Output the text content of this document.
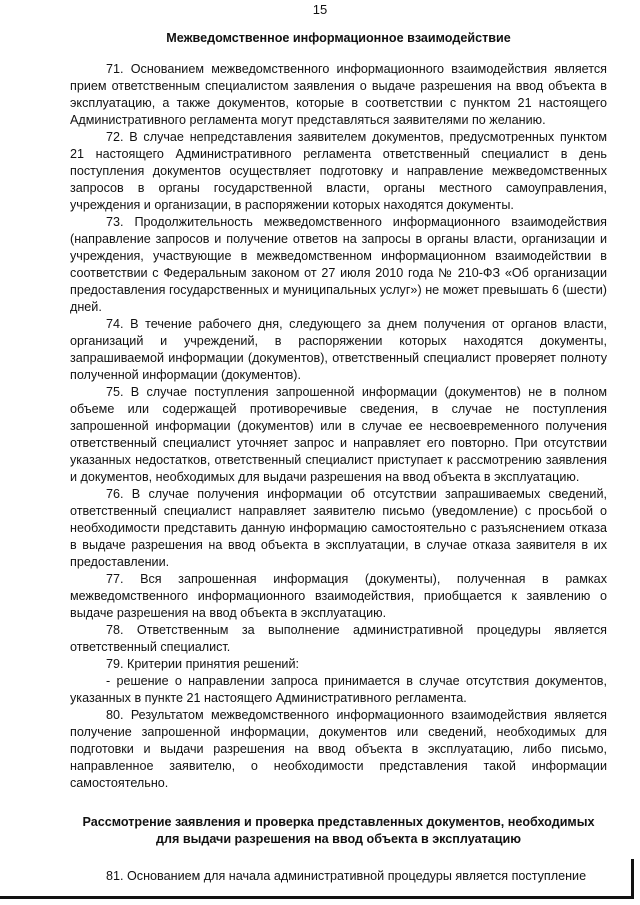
15
Межведомственное информационное взаимодействие

71. Основанием межведомственного информационного взаимодействия является прием ответственным специалистом заявления о выдаче разрешения на ввод объекта в эксплуатацию, а также документов, которые в соответствии с пунктом 21 настоящего Административного регламента могут представляться заявителями по желанию.

72. В случае непредставления заявителем документов, предусмотренных пунктом 21 настоящего Административного регламента ответственный специалист в день поступления документов осуществляет подготовку и направление межведомственных запросов в органы государственной власти, органы местного самоуправления, учреждения и организации, в распоряжении которых находятся документы.

73. Продолжительность межведомственного информационного взаимодействия (направление запросов и получение ответов на запросы в органы власти, организации и учреждения, участвующие в межведомственном информационном взаимодействии в соответствии с Федеральным законом от 27 июля 2010 года № 210-ФЗ «Об организации предоставления государственных и муниципальных услуг») не может превышать 6 (шести) дней.

74. В течение рабочего дня, следующего за днем получения от органов власти, организаций и учреждений, в распоряжении которых находятся документы, запрашиваемой информации (документов), ответственный специалист проверяет полноту полученной информации (документов).

75. В случае поступления запрошенной информации (документов) не в полном объеме или содержащей противоречивые сведения, в случае не поступления запрошенной информации (документов) или в случае ее несвоевременного получения ответственный специалист уточняет запрос и направляет его повторно. При отсутствии указанных недостатков, ответственный специалист приступает к рассмотрению заявления и документов, необходимых для выдачи разрешения на ввод объекта в эксплуатацию.

76. В случае получения информации об отсутствии запрашиваемых сведений, ответственный специалист направляет заявителю письмо (уведомление) с просьбой о необходимости представить данную информацию самостоятельно с разъяснением отказа в выдаче разрешения на ввод объекта в эксплуатации, в случае отказа заявителя в их предоставлении.

77. Вся запрошенная информация (документы), полученная в рамках межведомственного информационного взаимодействия, приобщается к заявлению о выдаче разрешения на ввод объекта в эксплуатацию.

78. Ответственным за выполнение административной процедуры является ответственный специалист.

79. Критерии принятия решений:

- решение о направлении запроса принимается в случае отсутствия документов, указанных в пункте 21 настоящего Административного регламента.

80. Результатом межведомственного информационного взаимодействия является получение запрошенной информации, документов или сведений, необходимых для подготовки и выдачи разрешения на ввод объекта в эксплуатацию, либо письмо, направленное заявителю, о необходимости представления такой информации самостоятельно.

Рассмотрение заявления и проверка представленных документов, необходимых
для выдачи разрешения на ввод объекта в эксплуатацию

81. Основанием для начала административной процедуры является поступление
